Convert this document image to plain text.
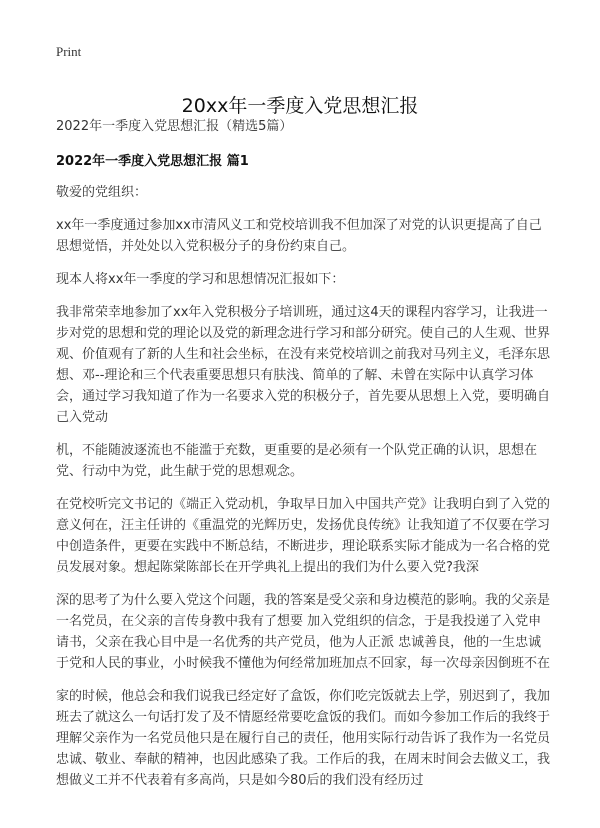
Print
20xx年一季度入党思想汇报

2022年一季度入党思想汇报（精选5篇）

2022年一季度入党思想汇报 篇1

敬爱的党组织：

xx年一季度通过参加xx市清风义工和党校培训我不但加深了对党的认识更提高了自己思想觉悟，并处处以入党积极分子的身份约束自己。

现本人将xx年一季度的学习和思想情况汇报如下：

我非常荣幸地参加了xx年入党积极分子培训班，通过这4天的课程内容学习，让我进一步对党的思想和党的理论以及党的新理念进行学习和部分研究。使自己的人生观、世界观、价值观有了新的人生和社会坐标，在没有来党校培训之前我对马列主义，毛泽东思想、邓--理论和三个代表重要思想只有肤浅、简单的了解、未曾在实际中认真学习体会，通过学习我知道了作为一名要求入党的积极分子，首先要从思想上入党，要明确自己入党动

机，不能随波逐流也不能滥于充数，更重要的是必须有一个队党正确的认识，思想在党、行动中为党，此生献于党的思想观念。

在党校听完文书记的《端正入党动机，争取早日加入中国共产党》让我明白到了入党的意义何在，汪主任讲的《重温党的光辉历史，发扬优良传统》让我知道了不仅要在学习中创造条件，更要在实践中不断总结，不断进步，理论联系实际才能成为一名合格的党员发展对象。想起陈棠陈部长在开学典礼上提出的我们为什么要入党?我深

深的思考了为什么要入党这个问题，我的答案是受父亲和身边模范的影响。我的父亲是一名党员，在父亲的言传身教中我有了想要 加入党组织的信念，于是我投递了入党申请书，父亲在我心目中是一名优秀的共产党员，他为人正派 忠诚善良，他的一生忠诚于党和人民的事业，小时候我不懂他为何经常加班加点不回家，每一次母亲因倒班不在

家的时候，他总会和我们说我已经定好了盒饭，你们吃完饭就去上学，别迟到了，我加班去了就这么一句话打发了及不情愿经常要吃盒饭的我们。而如今参加工作后的我终于理解父亲作为一名党员他只是在履行自己的责任，他用实际行动告诉了我作为一名党员忠诚、敬业、奉献的精神，也因此感染了我。工作后的我，在周末时间会去做义工，我想做义工并不代表着有多高尚，只是如今80后的我们没有经历过
